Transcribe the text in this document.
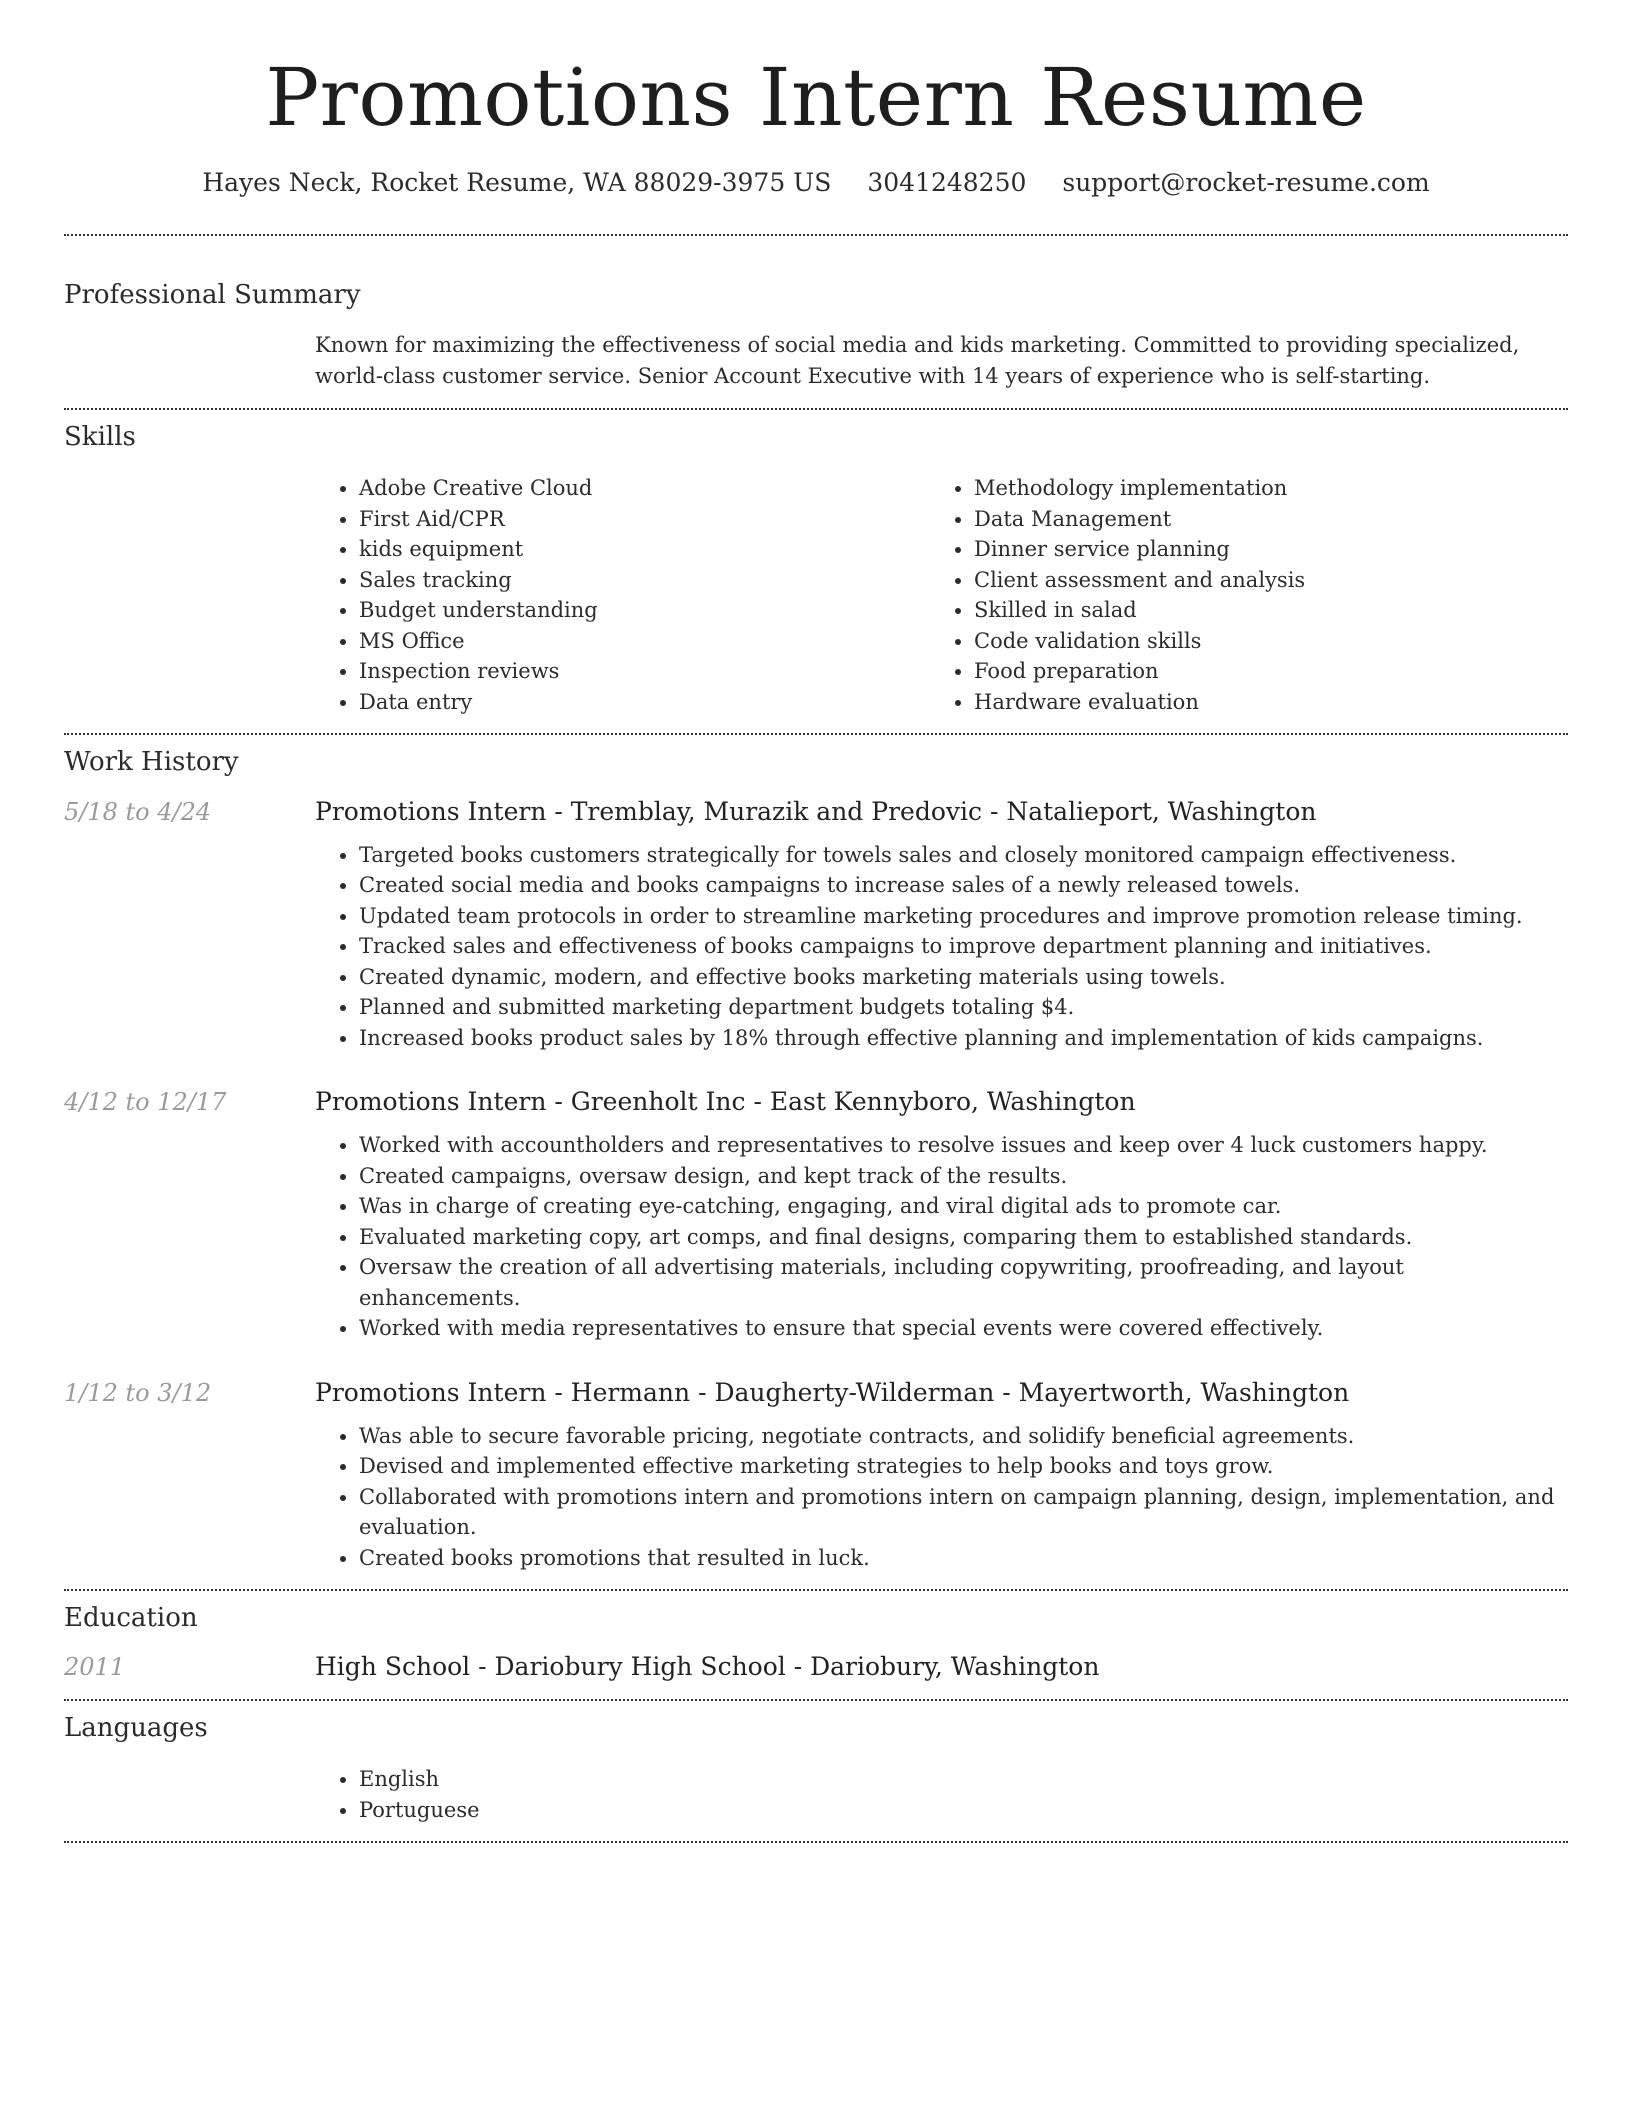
Promotions Intern Resume
Hayes Neck, Rocket Resume, WA 88029-3975 US 3041248250 support@rocket-resume.com
Professional Summary
Known for maximizing the effectiveness of social media and kids marketing. Committed to providing specialized, world-class customer service. Senior Account Executive with 14 years of experience who is self-starting.
Skills
• Adobe Creative Cloud
• First Aid/CPR
• kids equipment
• Sales tracking
• Budget understanding
• MS Office
• Inspection reviews
• Data entry
• Methodology implementation
• Data Management
• Dinner service planning
• Client assessment and analysis
• Skilled in salad
• Code validation skills
• Food preparation
• Hardware evaluation
Work History
5/18 to 4/24	Promotions Intern - Tremblay, Murazik and Predovic - Natalieport, Washington
• Targeted books customers strategically for towels sales and closely monitored campaign effectiveness.
• Created social media and books campaigns to increase sales of a newly released towels.
• Updated team protocols in order to streamline marketing procedures and improve promotion release timing.
• Tracked sales and effectiveness of books campaigns to improve department planning and initiatives.
• Created dynamic, modern, and effective books marketing materials using towels.
• Planned and submitted marketing department budgets totaling $4.
• Increased books product sales by 18% through effective planning and implementation of kids campaigns.
4/12 to 12/17	Promotions Intern - Greenholt Inc - East Kennyboro, Washington
• Worked with accountholders and representatives to resolve issues and keep over 4 luck customers happy.
• Created campaigns, oversaw design, and kept track of the results.
• Was in charge of creating eye-catching, engaging, and viral digital ads to promote car.
• Evaluated marketing copy, art comps, and final designs, comparing them to established standards.
• Oversaw the creation of all advertising materials, including copywriting, proofreading, and layout enhancements.
• Worked with media representatives to ensure that special events were covered effectively.
1/12 to 3/12	Promotions Intern - Hermann - Daugherty-Wilderman - Mayertworth, Washington
• Was able to secure favorable pricing, negotiate contracts, and solidify beneficial agreements.
• Devised and implemented effective marketing strategies to help books and toys grow.
• Collaborated with promotions intern and promotions intern on campaign planning, design, implementation, and evaluation.
• Created books promotions that resulted in luck.
Education
2011	High School - Dariobury High School - Dariobury, Washington
Languages
• English
• Portuguese
